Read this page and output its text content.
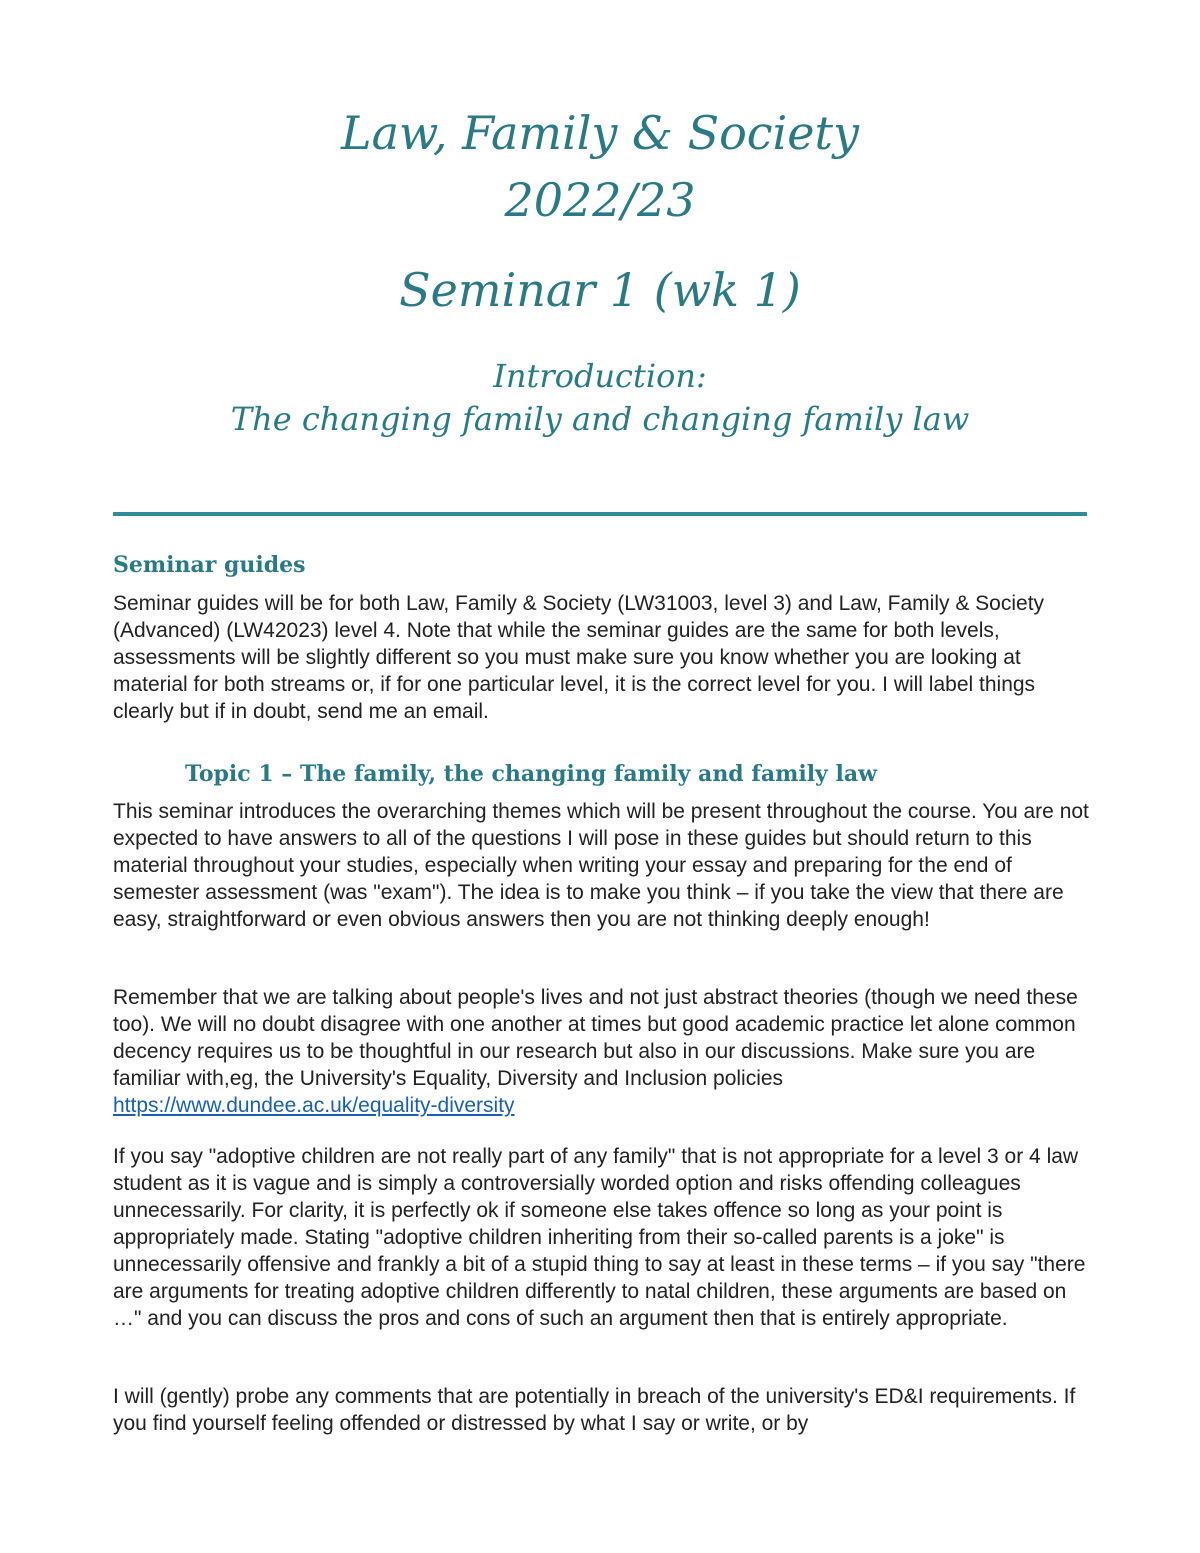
Law, Family & Society
2022/23
Seminar 1 (wk 1)
Introduction:
The changing family and changing family law
Seminar guides

Seminar guides will be for both Law, Family & Society (LW31003, level 3) and Law, Family & Society (Advanced) (LW42023) level 4. Note that while the seminar guides are the same for both levels, assessments will be slightly different so you must make sure you know whether you are looking at material for both streams or, if for one particular level, it is the correct level for you. I will label things clearly but if in doubt, send me an email.

Topic 1 – The family, the changing family and family law

This seminar introduces the overarching themes which will be present throughout the course. You are not expected to have answers to all of the questions I will pose in these guides but should return to this material throughout your studies, especially when writing your essay and preparing for the end of semester assessment (was "exam"). The idea is to make you think – if you take the view that there are easy, straightforward or even obvious answers then you are not thinking deeply enough!

Remember that we are talking about people's lives and not just abstract theories (though we need these too). We will no doubt disagree with one another at times but good academic practice let alone common decency requires us to be thoughtful in our research but also in our discussions. Make sure you are familiar with,eg, the University's Equality, Diversity and Inclusion policies https://www.dundee.ac.uk/equality-diversity

If you say "adoptive children are not really part of any family" that is not appropriate for a level 3 or 4 law student as it is vague and is simply a controversially worded option and risks offending colleagues unnecessarily. For clarity, it is perfectly ok if someone else takes offence so long as your point is appropriately made. Stating "adoptive children inheriting from their so-called parents is a joke" is unnecessarily offensive and frankly a bit of a stupid thing to say at least in these terms – if you say "there are arguments for treating adoptive children differently to natal children, these arguments are based on …" and you can discuss the pros and cons of such an argument then that is entirely appropriate.

I will (gently) probe any comments that are potentially in breach of the university's ED&I requirements. If you find yourself feeling offended or distressed by what I say or write, or by
